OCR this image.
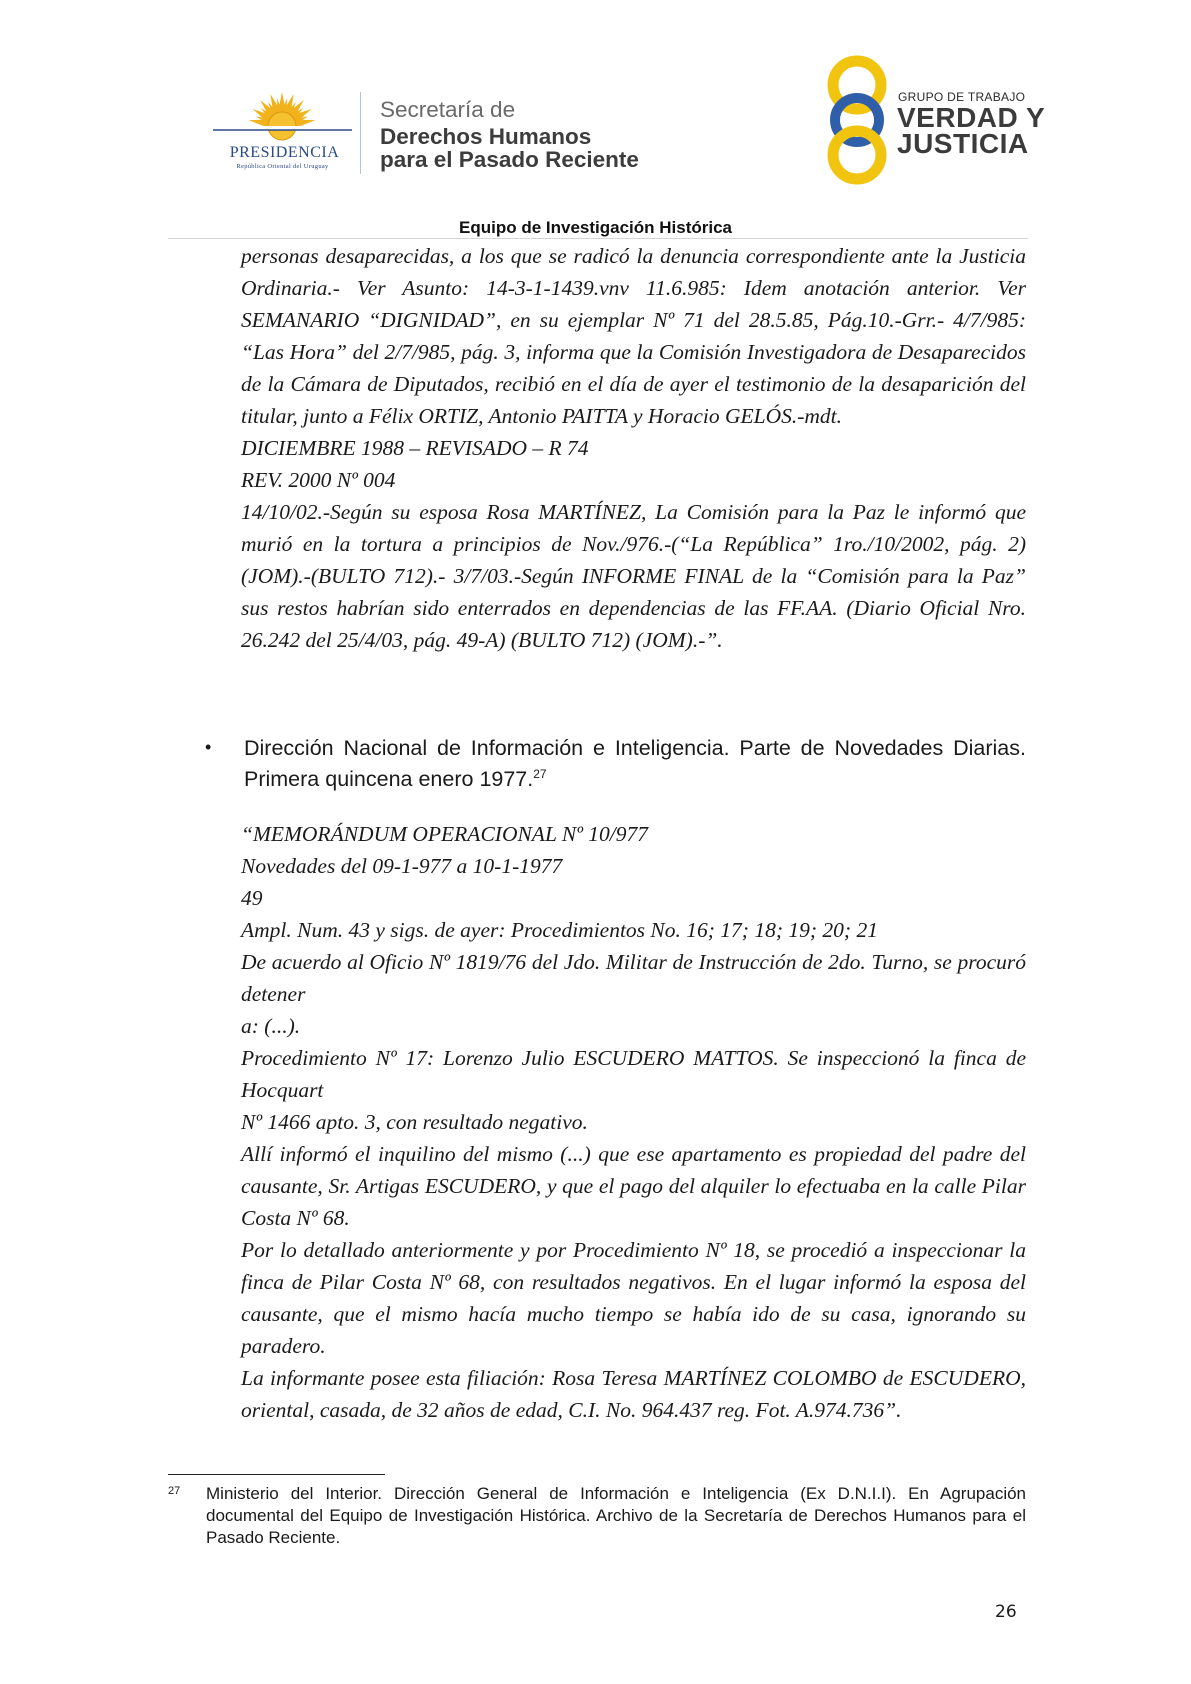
PRESIDENCIA
República Oriental del Uruguay
Secretaría de
Derechos Humanos
para el Pasado Reciente
GRUPO DE TRABAJO
VERDAD Y
JUSTICIA
Equipo de Investigación Histórica

personas desaparecidas, a los que se radicó la denuncia correspondiente ante la Justicia Ordinaria.- Ver Asunto: 14-3-1-1439.vnv 11.6.985: Idem anotación anterior. Ver SEMANARIO “DIGNIDAD”, en su ejemplar Nº 71 del 28.5.85, Pág.10.-Grr.- 4/7/985: “Las Hora” del 2/7/985, pág. 3, informa que la Comisión Investigadora de Desaparecidos de la Cámara de Diputados, recibió en el día de ayer el testimonio de la desaparición del titular, junto a Félix ORTIZ, Antonio PAITTA y Horacio GELÓS.-mdt.

DICIEMBRE 1988 – REVISADO – R 74

REV. 2000 Nº 004

14/10/02.-Según su esposa Rosa MARTÍNEZ, La Comisión para la Paz le informó que murió en la tortura a principios de Nov./976.-(“La República” 1ro./10/2002, pág. 2) (JOM).-(BULTO 712).- 3/7/03.-Según INFORME FINAL de la “Comisión para la Paz” sus restos habrían sido enterrados en dependencias de las FF.AA. (Diario Oficial Nro. 26.242 del 25/4/03, pág. 49-A) (BULTO 712) (JOM).-”.

• Dirección Nacional de Información e Inteligencia. Parte de Novedades Diarias. Primera quincena enero 1977.27

“MEMORÁNDUM OPERACIONAL Nº 10/977

Novedades del 09-1-977 a 10-1-1977

49

Ampl. Num. 43 y sigs. de ayer: Procedimientos No. 16; 17; 18; 19; 20; 21

De acuerdo al Oficio Nº 1819/76 del Jdo. Militar de Instrucción de 2do. Turno, se procuró detener

a: (...).

Procedimiento Nº 17: Lorenzo Julio ESCUDERO MATTOS. Se inspeccionó la finca de Hocquart

Nº 1466 apto. 3, con resultado negativo.

Allí informó el inquilino del mismo (...) que ese apartamento es propiedad del padre del causante, Sr. Artigas ESCUDERO, y que el pago del alquiler lo efectuaba en la calle Pilar Costa Nº 68.

Por lo detallado anteriormente y por Procedimiento Nº 18, se procedió a inspeccionar la finca de Pilar Costa Nº 68, con resultados negativos. En el lugar informó la esposa del causante, que el mismo hacía mucho tiempo se había ido de su casa, ignorando su paradero.

La informante posee esta filiación: Rosa Teresa MARTÍNEZ COLOMBO de ESCUDERO, oriental, casada, de 32 años de edad, C.I. No. 964.437 reg. Fot. A.974.736”.

27 Ministerio del Interior. Dirección General de Información e Inteligencia (Ex D.N.I.I). En Agrupación documental del Equipo de Investigación Histórica. Archivo de la Secretaría de Derechos Humanos para el Pasado Reciente.
26
